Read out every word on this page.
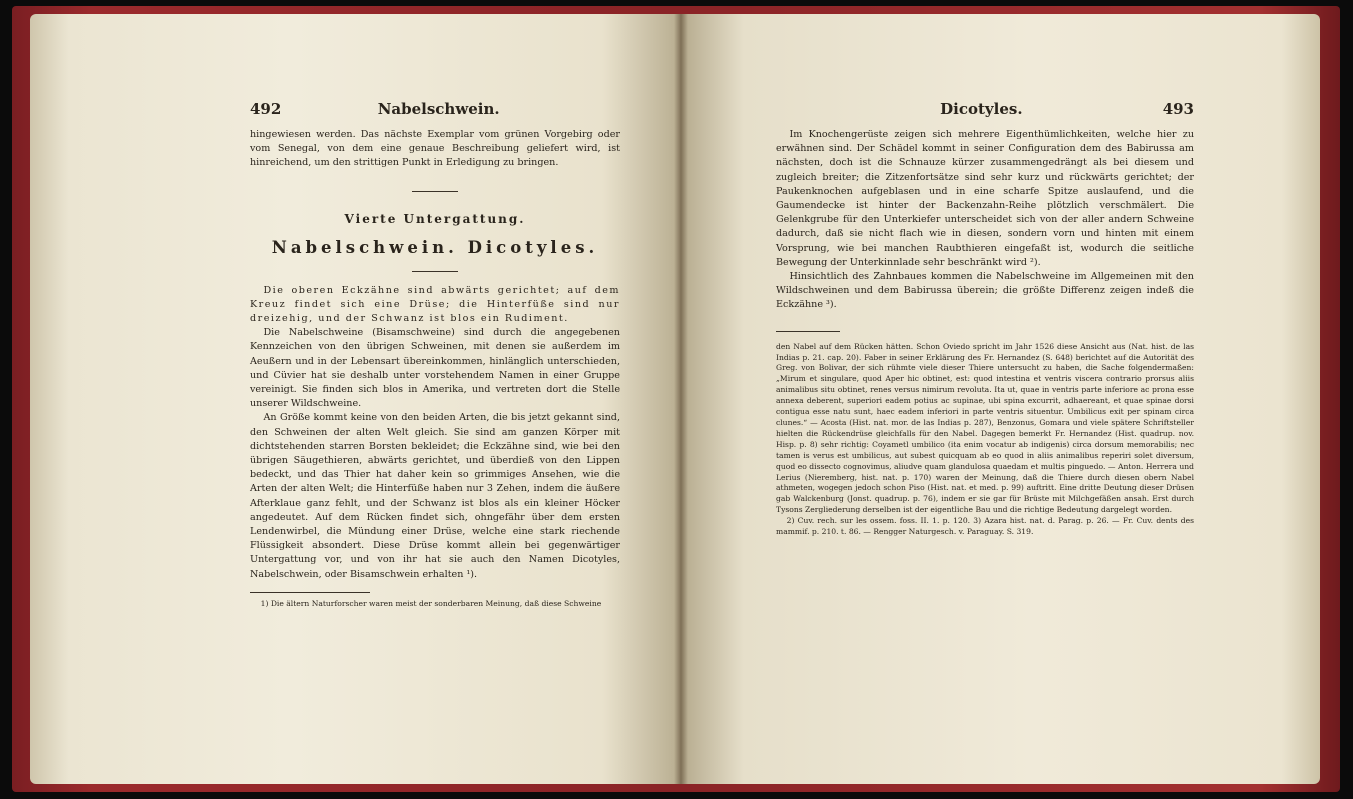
492	Nabelschwein.

hingewiesen werden. Das nächste Exemplar vom grünen Vorgebirg oder vom Senegal, von dem eine genaue Beschreibung geliefert wird, ist hinreichend, um den strittigen Punkt in Erledigung zu bringen.

Vierte Untergattung.
Nabelschwein. Dicotyles.

Die oberen Eckzähne sind abwärts gerichtet; auf dem Kreuz findet sich eine Drüse; die Hinterfüße sind nur dreizehig, und der Schwanz ist blos ein Rudiment.

Die Nabelschweine (Bisamschweine) sind durch die angegebenen Kennzeichen von den übrigen Schweinen, mit denen sie außerdem im Aeußern und in der Lebensart übereinkommen, hinlänglich unterschieden, und Cüvier hat sie deshalb unter vorstehendem Namen in einer Gruppe vereinigt. Sie finden sich blos in Amerika, und vertreten dort die Stelle unserer Wildschweine.

An Größe kommt keine von den beiden Arten, die bis jetzt gekannt sind, den Schweinen der alten Welt gleich. Sie sind am ganzen Körper mit dichtstehenden starren Borsten bekleidet; die Eckzähne sind, wie bei den übrigen Säugethieren, abwärts gerichtet, und überdieß von den Lippen bedeckt, und das Thier hat daher kein so grimmiges Ansehen, wie die Arten der alten Welt; die Hinterfüße haben nur 3 Zehen, indem die äußere Afterklaue ganz fehlt, und der Schwanz ist blos als ein kleiner Höcker angedeutet. Auf dem Rücken findet sich, ohngefähr über dem ersten Lendenwirbel, die Mündung einer Drüse, welche eine stark riechende Flüssigkeit absondert. Diese Drüse kommt allein bei gegenwärtiger Untergattung vor, und von ihr hat sie auch den Namen Dicotyles, Nabelschwein, oder Bisamschwein erhalten ¹).

1) Die ältern Naturforscher waren meist der sonderbaren Meinung, daß diese Schweine

Dicotyles.	493

Im Knochengerüste zeigen sich mehrere Eigenthümlichkeiten, welche hier zu erwähnen sind. Der Schädel kommt in seiner Configuration dem des Babirussa am nächsten, doch ist die Schnauze kürzer zusammengedrängt als bei diesem und zugleich breiter; die Zitzenfortsätze sind sehr kurz und rückwärts gerichtet; der Paukenknochen aufgeblasen und in eine scharfe Spitze auslaufend, und die Gaumendecke ist hinter der Backenzahn-Reihe plötzlich verschmälert. Die Gelenkgrube für den Unterkiefer unterscheidet sich von der aller andern Schweine dadurch, daß sie nicht flach wie in diesen, sondern vorn und hinten mit einem Vorsprung, wie bei manchen Raubthieren eingefaßt ist, wodurch die seitliche Bewegung der Unterkinnlade sehr beschränkt wird ²).

Hinsichtlich des Zahnbaues kommen die Nabelschweine im Allgemeinen mit den Wildschweinen und dem Babirussa überein; die größte Differenz zeigen indeß die Eckzähne ³).

den Nabel auf dem Rücken hätten. Schon Oviedo spricht im Jahr 1526 diese Ansicht aus (Nat. hist. de las Indias p. 21. cap. 20). Faber in seiner Erklärung des Fr. Hernandez (S. 648) berichtet auf die Autorität des Greg. von Bolivar, der sich rühmte viele dieser Thiere untersucht zu haben, die Sache folgendermaßen: „Mirum et singulare, quod Aper hic obtinet, est: quod intestina et ventris viscera contrario prorsus aliis animalibus situ obtinet, renes versus nimirum revoluta. Ita ut, quae in ventris parte inferiore ac prona esse annexa deberent, superiori eadem potius ac supinae, ubi spina excurrit, adhaereant, et quae spinae dorsi contigua esse natu sunt, haec eadem inferiori in parte ventris situentur. Umbilicus exit per spinam circa clunes.“ — Acosta (Hist. nat. mor. de las Indias p. 287), Benzonus, Gomara und viele spätere Schriftsteller hielten die Rückendrüse gleichfalls für den Nabel. Dagegen bemerkt Fr. Hernandez (Hist. quadrup. nov. Hisp. p. 8) sehr richtig: Coyametl umbilico (ita enim vocatur ab indigenis) circa dorsum memorabilis; nec tamen is verus est umbilicus, aut subest quicquam ab eo quod in aliis animalibus reperiri solet diversum, quod eo dissecto cognovimus, aliudve quam glandulosa quaedam et multis pinguedo. — Anton. Herrera und Lerius (Nieremberg, hist. nat. p. 170) waren der Meinung, daß die Thiere durch diesen obern Nabel athmeten, wogegen jedoch schon Piso (Hist. nat. et med. p. 99) auftritt. Eine dritte Deutung dieser Drüsen gab Walckenburg (Jonst. quadrup. p. 76), indem er sie gar für Brüste mit Milchgefäßen ansah. Erst durch Tysons Zergliederung derselben ist der eigentliche Bau und die richtige Bedeutung dargelegt worden.

2) Cuv. rech. sur les ossem. foss. II. 1. p. 120. 3) Azara hist. nat. d. Parag. p. 26. — Fr. Cuv. dents des mammif. p. 210. t. 86. — Rengger Naturgesch. v. Paraguay. S. 319.
